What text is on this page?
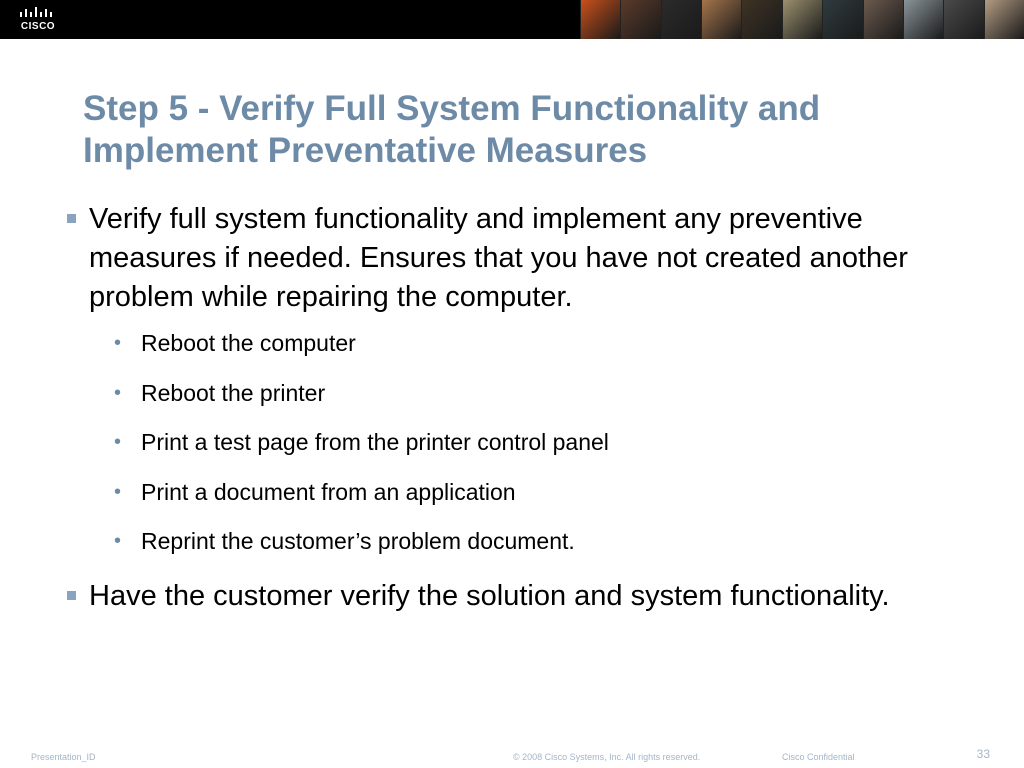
CISCO
Step 5 - Verify Full System Functionality and Implement Preventative Measures
Verify full system functionality and implement any preventive measures if needed. Ensures that you have not created another problem while repairing the computer.
• Reboot the computer
• Reboot the printer
• Print a test page from the printer control panel
• Print a document from an application
• Reprint the customer’s problem document.
Have the customer verify the solution and system functionality.
Presentation_ID	© 2008 Cisco Systems, Inc. All rights reserved.	Cisco Confidential	33
